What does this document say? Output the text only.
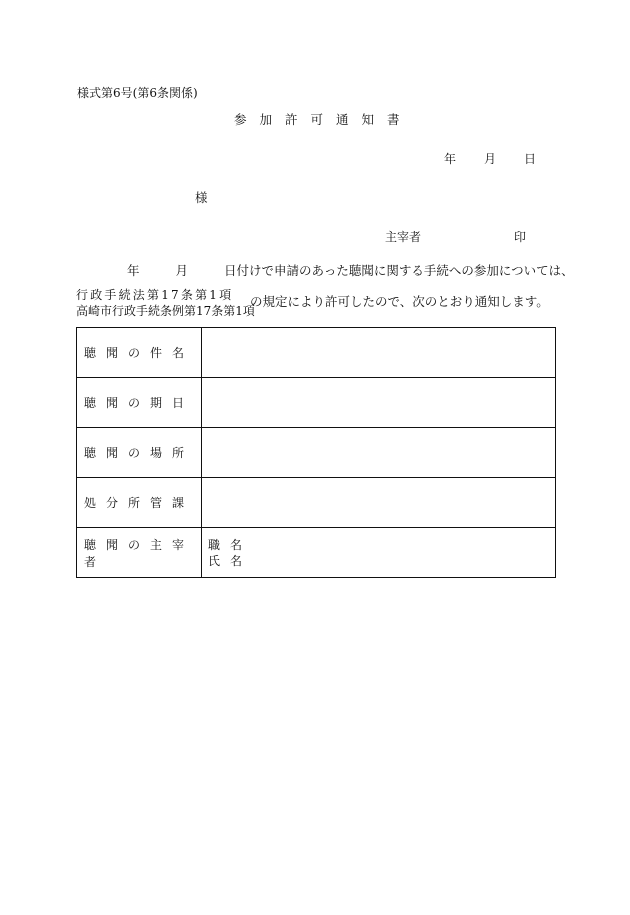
様式第6号(第6条関係)
参加許可通知書
年 月 日
様
主宰者	印
年	月	日付けで申請のあった聴聞に関する手続への参加については、
行政手続法第17条第1項
高崎市行政手続条例第17条第1項
の規定により許可したので、次のとおり通知します。
聴聞の件名	
聴聞の期日	
聴聞の場所	
処分所管課	
聴聞の主宰者	職名
氏名
